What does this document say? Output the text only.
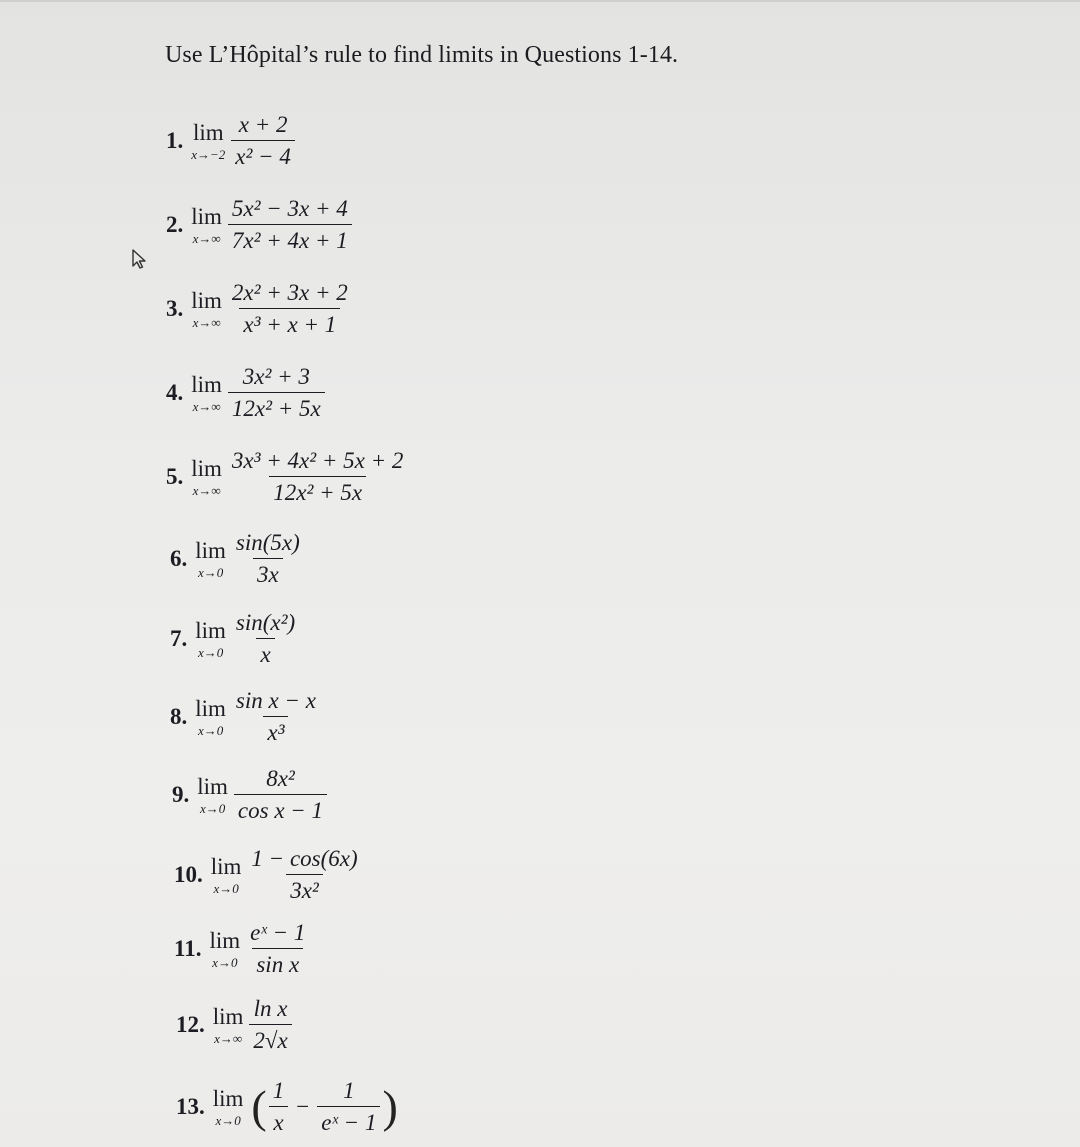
Use L’Hôpital’s rule to find limits in Questions 1-14.
1. lim
$x\to-2 \frac{x + 2}{\text{x² − 4}}$
2. lim
$x\to\infty \frac{\text{5x² − 3x + 4}}{\text{7x² + 4x + 1}}$
3. lim
$x\to\infty \frac{\text{2x² + 3x + 2}}{\text{x³ + x + 1}}$
4. lim
$x\to\infty \frac{\text{3x² + 3}}{\text{12x² + 5x}}$
5. lim
$x\to\infty \frac{\text{3x³ + 4x² + 5x + 2}}{\text{12x² + 5x}}$
6. lim
$x\to 0 \frac{\sin(5x)}{3x}$
7. lim
$x\to 0 \frac{\text{sin(x²)}}{x}$
8. lim
$x\to 0 \frac{\text{sin x − x}}{\text{x³}}$
9. lim
$x\to 0 \frac{\text{8x²}}{\text{cos x − 1}}$
10. lim
$x\to 0 \frac{1 - \cos(6x)}{\text{3x²}}$
11. lim
$x\to 0 \frac{\text{eˣ − 1}}{\text{sin x}}$
12. lim
$x\to\infty \frac{\text{ln x}}{2√x}$
13. lim
x→0 ( $\frac{1}{x} - \frac{1}{\text{eˣ − 1}}$ )
